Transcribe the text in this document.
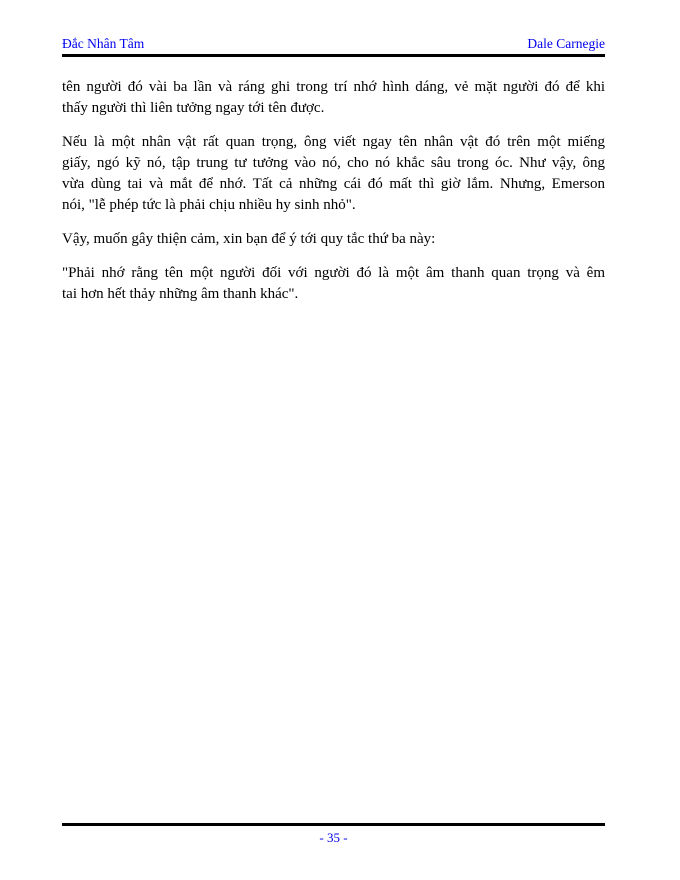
Đắc Nhân Tâm	Dale Carnegie

tên người đó vài ba lần và ráng ghi trong trí nhớ hình dáng, vẻ mặt người đó để khi
thấy người thì liên tưởng ngay tới tên được.

Nếu là một nhân vật rất quan trọng, ông viết ngay tên nhân vật đó trên một miếng
giấy, ngó kỹ nó, tập trung tư tưởng vào nó, cho nó khắc sâu trong óc. Như vậy, ông
vừa dùng tai và mắt để nhớ. Tất cả những cái đó mất thì giờ lắm. Nhưng, Emerson
nói, "lễ phép tức là phải chịu nhiều hy sinh nhỏ".

Vậy, muốn gây thiện cảm, xin bạn để ý tới quy tắc thứ ba này:

"Phải nhớ rằng tên một người đối với người đó là một âm thanh quan trọng và êm
tai hơn hết thảy những âm thanh khác".

- 35 -
